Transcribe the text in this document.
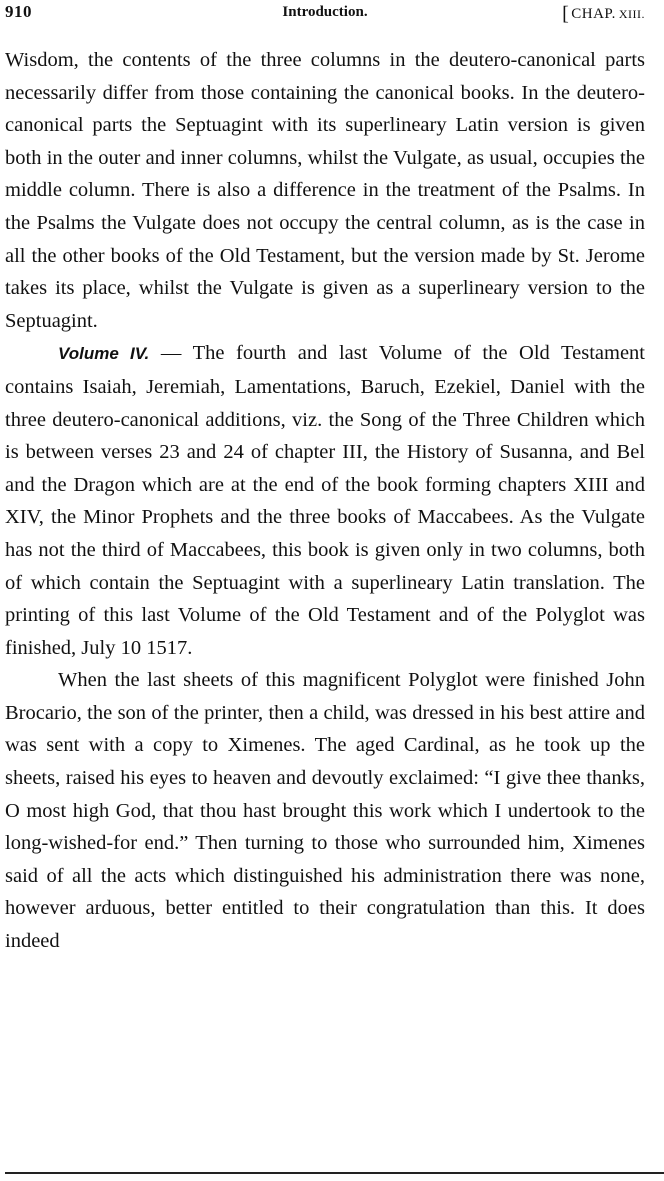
910	Introduction.	[ CHAP. XIII.

Wisdom, the contents of the three columns in the deutero-canonical parts necessarily differ from those containing the canonical books. In the deutero-canonical parts the Septuagint with its superlineary Latin version is given both in the outer and inner columns, whilst the Vulgate, as usual, occupies the middle column. There is also a difference in the treatment of the Psalms. In the Psalms the Vulgate does not occupy the central column, as is the case in all the other books of the Old Testament, but the version made by St. Jerome takes its place, whilst the Vulgate is given as a superlineary version to the Septuagint.

Volume IV. — The fourth and last Volume of the Old Testament contains Isaiah, Jeremiah, Lamentations, Baruch, Ezekiel, Daniel with the three deutero-canonical additions, viz. the Song of the Three Children which is between verses 23 and 24 of chapter III, the History of Susanna, and Bel and the Dragon which are at the end of the book forming chapters XIII and XIV, the Minor Prophets and the three books of Maccabees. As the Vulgate has not the third of Maccabees, this book is given only in two columns, both of which contain the Septuagint with a superlineary Latin translation. The printing of this last Volume of the Old Testament and of the Polyglot was finished, July 10 1517.

When the last sheets of this magnificent Polyglot were finished John Brocario, the son of the printer, then a child, was dressed in his best attire and was sent with a copy to Ximenes. The aged Cardinal, as he took up the sheets, raised his eyes to heaven and devoutly exclaimed: “I give thee thanks, O most high God, that thou hast brought this work which I undertook to the long-wished-for end.” Then turning to those who surrounded him, Ximenes said of all the acts which distinguished his administration there was none, however arduous, better entitled to their congratulation than this. It does indeed
